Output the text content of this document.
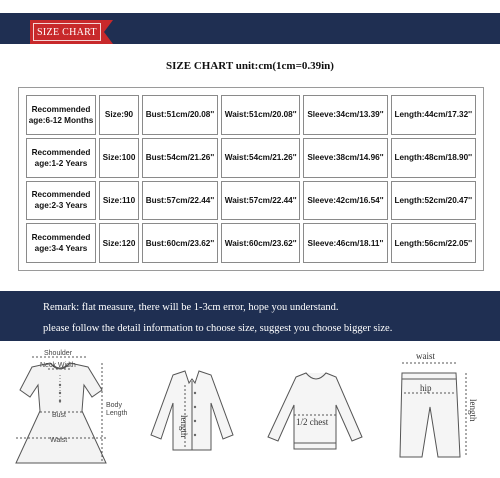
SIZE CHART
SIZE CHART unit:cm(1cm=0.39in)
Recommended age:6-12 Months	Size:90	Bust:51cm/20.08''	Waist:51cm/20.08''	Sleeve:34cm/13.39''	Length:44cm/17.32''
Recommended age:1-2 Years	Size:100	Bust:54cm/21.26''	Waist:54cm/21.26''	Sleeve:38cm/14.96''	Length:48cm/18.90''
Recommended age:2-3 Years	Size:110	Bust:57cm/22.44''	Waist:57cm/22.44''	Sleeve:42cm/16.54''	Length:52cm/20.47''
Recommended age:3-4 Years	Size:120	Bust:60cm/23.62''	Waist:60cm/23.62''	Sleeve:46cm/18.11''	Length:56cm/22.05''

Remark: flat measure, there will be 1-3cm error, hope you understand.

please follow the detail information to choose size, suggest you choose bigger size.

Shoulder
Neck Width
Bust
Waist
Body
Length
length	1/2 chest
waist
hip
length
